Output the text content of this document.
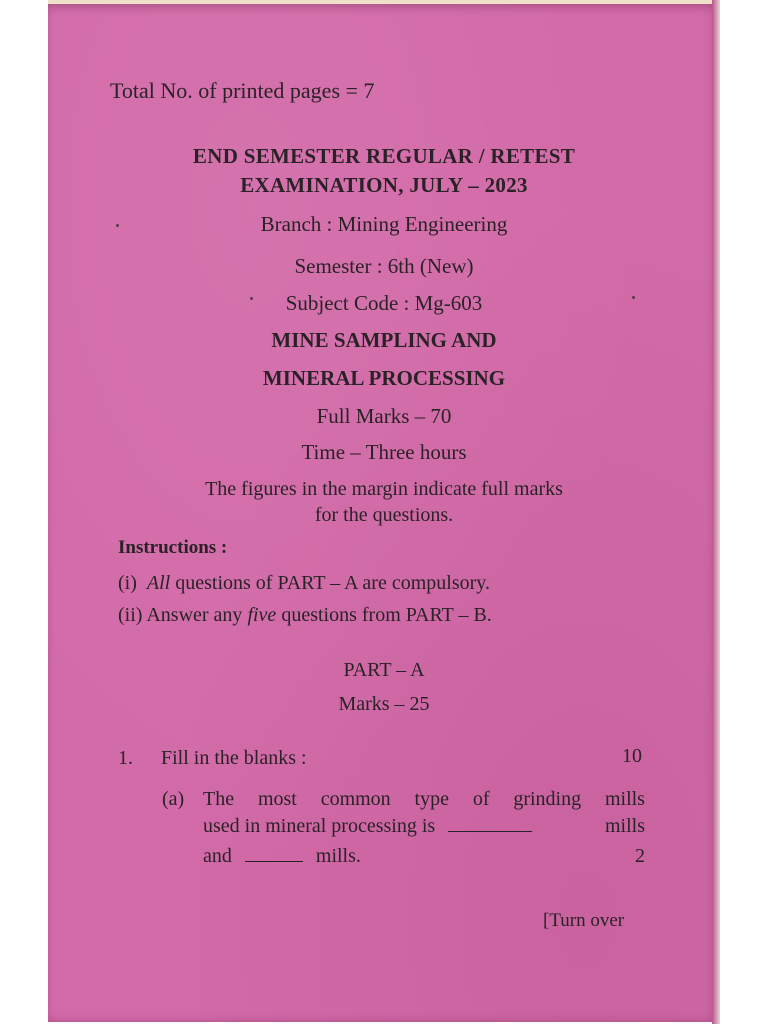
Total No. of printed pages = 7
END SEMESTER REGULAR / RETEST
EXAMINATION, JULY – 2023
Branch : Mining Engineering
Semester : 6th (New)
Subject Code : Mg-603
MINE SAMPLING AND
MINERAL PROCESSING
Full Marks – 70
Time – Three hours
The figures in the margin indicate full marks
for the questions.
Instructions :
(i) All questions of PART – A are compulsory.
(ii) Answer any five questions from PART – B.
PART – A
Marks – 25
1. Fill in the blanks :	10
(a) The most common type of grinding mills
used in mineral processing is	mills
and	mills.	2
[Turn over
